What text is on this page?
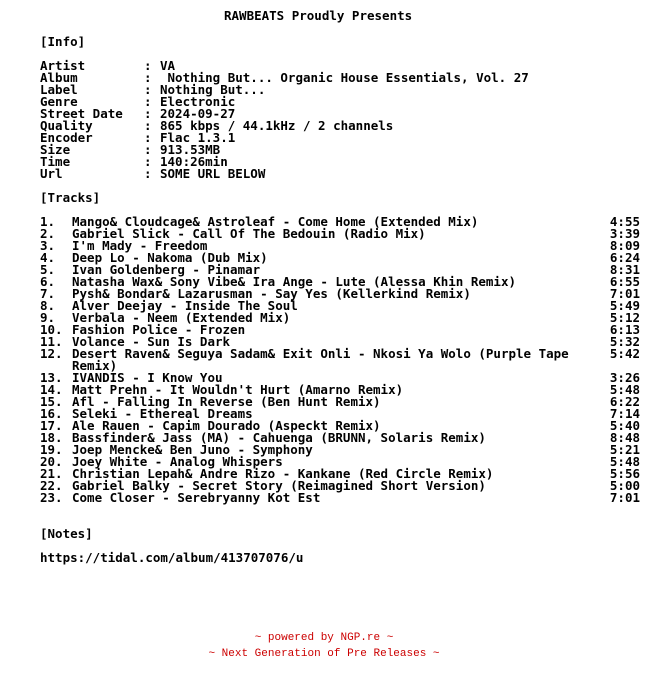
RAWBEATS Proudly Presents
[Info]
Artist	: VA
Album	: Nothing But... Organic House Essentials, Vol. 27
Label	: Nothing But...
Genre	: Electronic
Street Date : 2024-09-27
Quality	: 865 kbps / 44.1kHz / 2 channels
Encoder	: Flac 1.3.1
Size	: 913.53MB
Time	: 140:26min
Url	: SOME URL BELOW
[Tracks]
1. Mango& Cloudcage& Astroleaf - Come Home (Extended Mix)	4:55
2. Gabriel Slick - Call Of The Bedouin (Radio Mix)	3:39
3. I'm Mady - Freedom	8:09
4. Deep Lo - Nakoma (Dub Mix)	6:24
5. Ivan Goldenberg - Pinamar	8:31
6. Natasha Wax& Sony Vibe& Ira Ange - Lute (Alessa Khin Remix)	6:55
7. Pysh& Bondar& Lazarusman - Say Yes (Kellerkind Remix)	7:01
8. Alver Deejay - Inside The Soul	5:49
9. Verbala - Neem (Extended Mix)	5:12
10. Fashion Police - Frozen	6:13
11. Volance - Sun Is Dark	5:32
12. Desert Raven& Seguya Sadam& Exit Onli - Nkosi Ya Wolo (Purple Tape Remix)
5:42
13. IVANDIS - I Know You	3:26
14. Matt Prehn - It Wouldn't Hurt (Amarno Remix)	5:48
15. Afl - Falling In Reverse (Ben Hunt Remix)	6:22
16. Seleki - Ethereal Dreams	7:14
17. Ale Rauen - Capim Dourado (Aspeckt Remix)	5:40
18. Bassfinder& Jass (MA) - Cahuenga (BRUNN, Solaris Remix)	8:48
19. Joep Mencke& Ben Juno - Symphony	5:21
20. Joey White - Analog Whispers	5:48
21. Christian Lepah& Andre Rizo - Kankane (Red Circle Remix)	5:56
22. Gabriel Balky - Secret Story (Reimagined Short Version)	5:00
23. Come Closer - Serebryanny Kot Est	7:01
[Notes]
https://tidal.com/album/413707076/u
~ powered by NGP.re ~
~ Next Generation of Pre Releases ~
